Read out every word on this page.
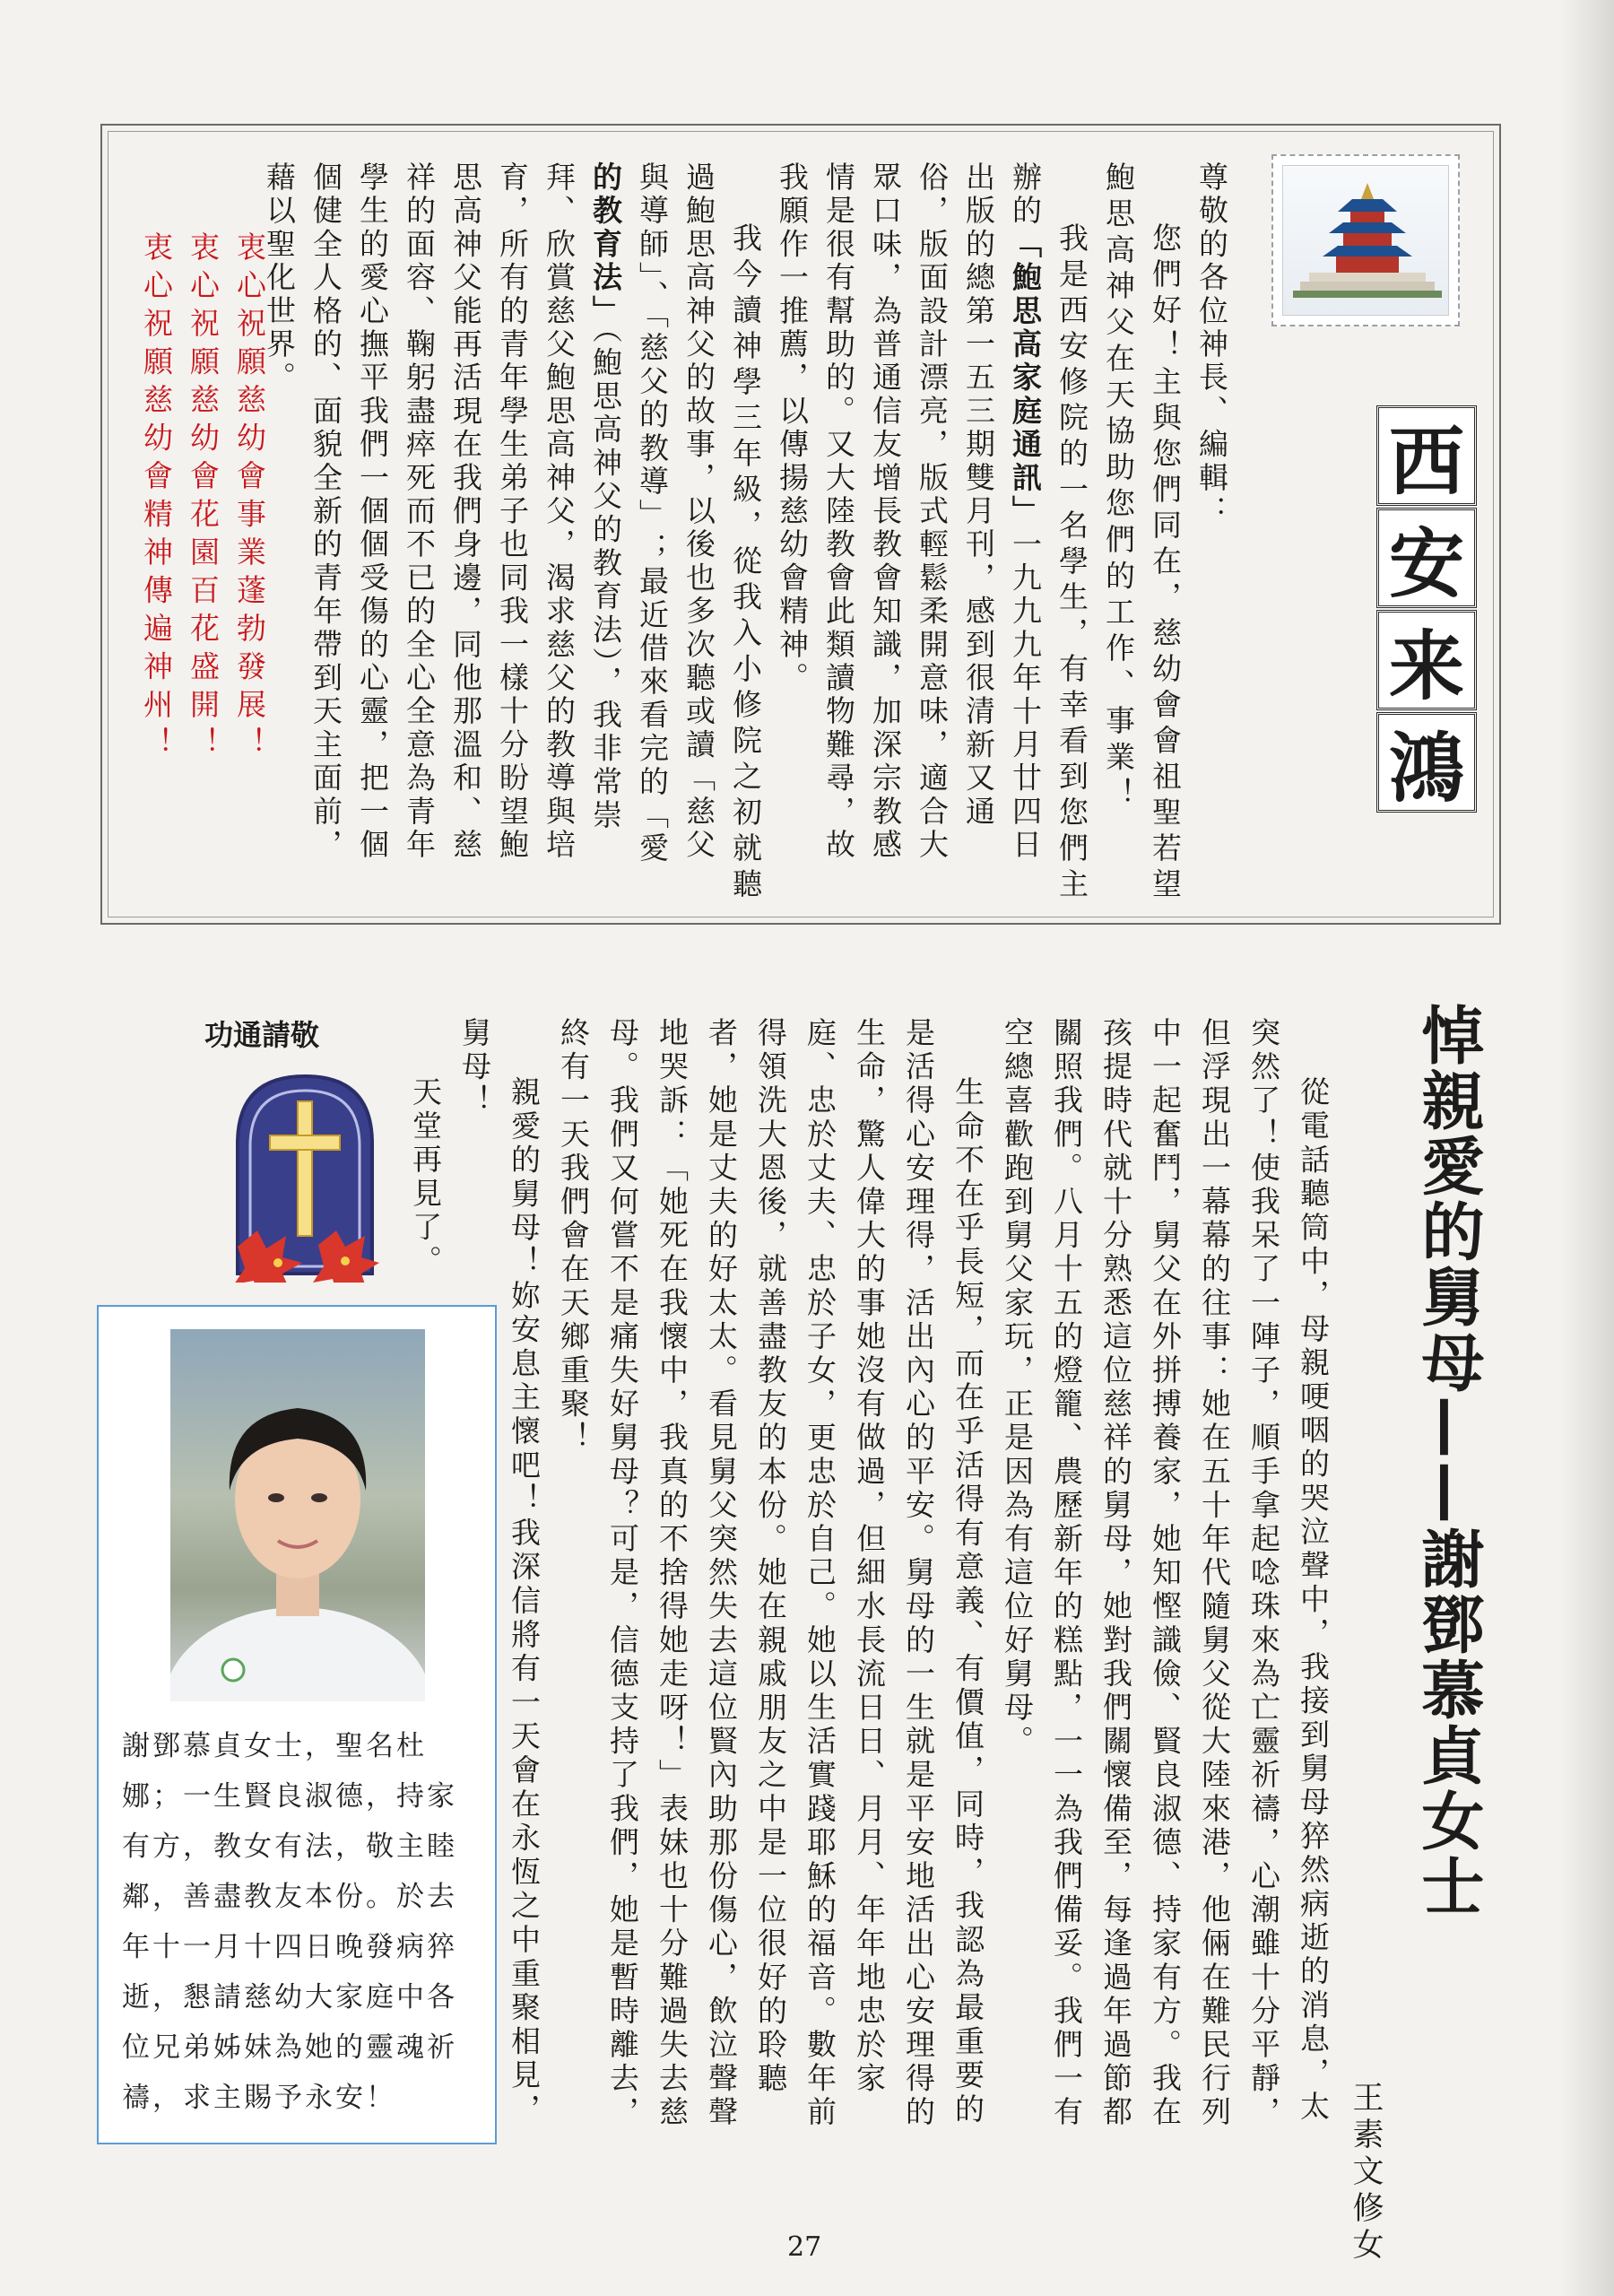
西
安
来
鴻
尊敬的各位神長、編輯：
您們好！主與您們同在，慈幼會會祖聖若望
鮑思高神父在天協助您們的工作、事業！
我是西安修院的一名學生，有幸看到您們主
辦的「鮑思高家庭通訊」一九九九年十月廿四日
出版的總第一五三期雙月刊，感到很清新又通
俗，版面設計漂亮，版式輕鬆柔開意味，適合大
眾口味，為普通信友增長教會知識，加深宗教感
情是很有幫助的。又大陸教會此類讀物難尋，故
我願作一推薦，以傳揚慈幼會精神。
我今讀神學三年級，從我入小修院之初就聽
過鮑思高神父的故事，以後也多次聽或讀「慈父
與導師」、「慈父的教導」；最近借來看完的「愛
的教育法」（鮑思高神父的教育法），我非常崇
拜、欣賞慈父鮑思高神父，渴求慈父的教導與培
育，所有的青年學生弟子也同我一樣十分盼望鮑
思高神父能再活現在我們身邊，同他那溫和、慈
祥的面容、鞠躬盡瘁死而不已的全心全意為青年
學生的愛心撫平我們一個個受傷的心靈，把一個
個健全人格的、面貌全新的青年帶到天主面前，
藉以聖化世界。
衷心祝願慈幼會事業蓬勃發展！
衷心祝願慈幼會花園百花盛開！
衷心祝願慈幼會精神傳遍神州！
悼親愛的舅母——謝鄧慕貞女士
從電話聽筒中，母親哽咽的哭泣聲中，我接到舅母猝然病逝的消息，太
突然了！使我呆了一陣子，順手拿起唸珠來為亡靈祈禱，心潮雖十分平靜，
但浮現出一幕幕的往事：她在五十年代隨舅父從大陸來港，他倆在難民行列
中一起奮鬥，舅父在外拼搏養家，她知慳識儉、賢良淑德、持家有方。我在
孩提時代就十分熟悉這位慈祥的舅母，她對我們關懷備至，每逢過年過節都
關照我們。八月十五的燈籠、農歷新年的糕點，一一為我們備妥。我們一有
空總喜歡跑到舅父家玩，正是因為有這位好舅母。
生命不在乎長短，而在乎活得有意義、有價值，同時，我認為最重要的
是活得心安理得，活出內心的平安。舅母的一生就是平安地活出心安理得的
生命，驚人偉大的事她沒有做過，但細水長流日日、月月、年年地忠於家
庭、忠於丈夫、忠於子女，更忠於自己。她以生活實踐耶穌的福音。數年前
得領洗大恩後，就善盡教友的本份。她在親戚朋友之中是一位很好的聆聽
者，她是丈夫的好太太。看見舅父突然失去這位賢內助那份傷心，飲泣聲聲
地哭訴：「她死在我懷中，我真的不捨得她走呀！」表妹也十分難過失去慈
母。我們又何嘗不是痛失好舅母？可是，信德支持了我們，她是暫時離去，
終有一天我們會在天鄉重聚！
親愛的舅母！妳安息主懷吧！我深信將有一天會在永恆之中重聚相見，
舅母！
天堂再見了。
王素文修女
功通請敬
謝鄧慕貞女士，聖名杜娜；一生賢良淑德，持家有方，教女有法，敬主睦鄰，善盡教友本份。於去年十一月十四日晚發病猝逝，懇請慈幼大家庭中各位兄弟姊妹為她的靈魂祈禱，求主賜予永安！
27
